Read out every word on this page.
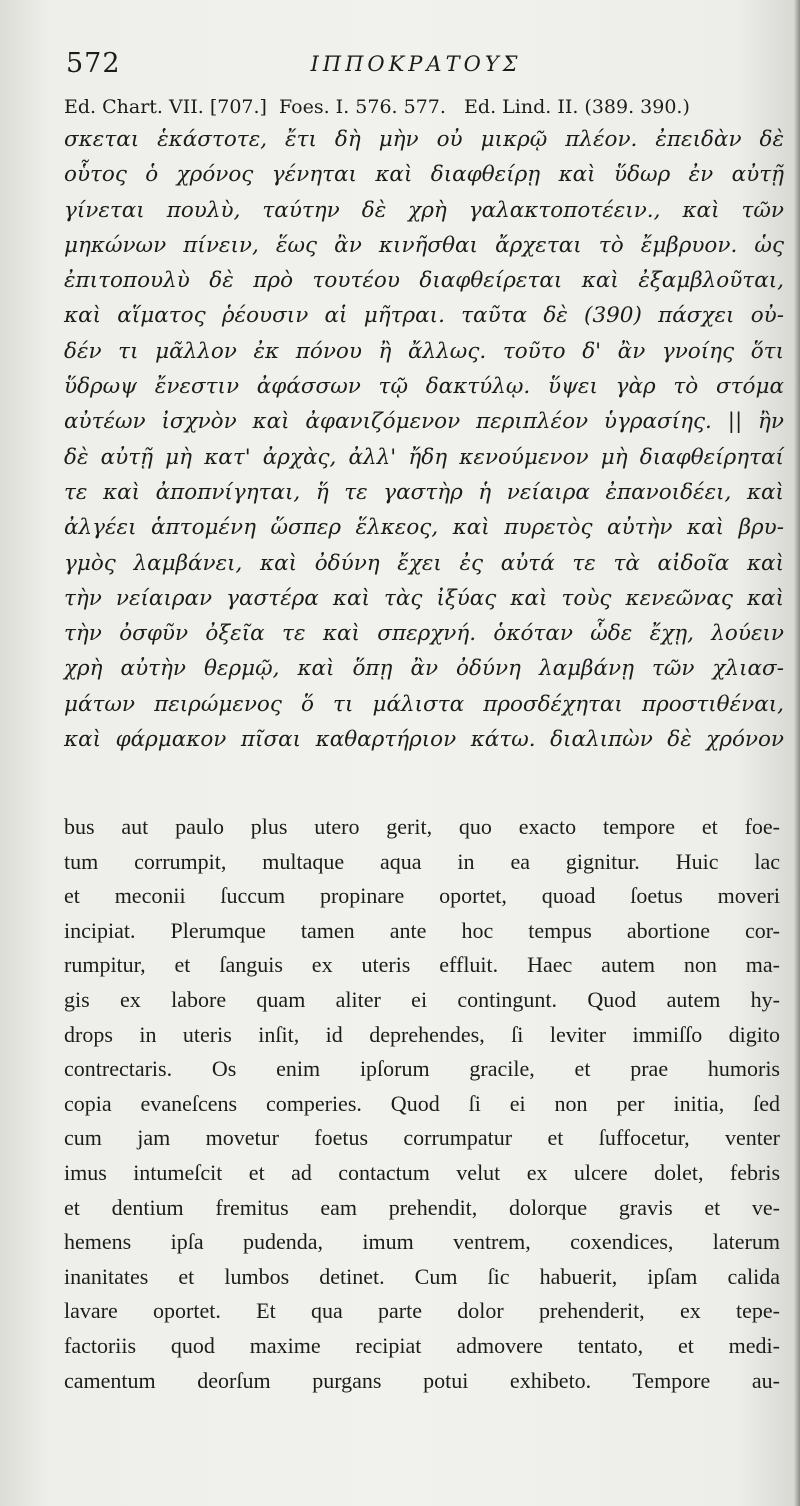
572	ΙΠΠΟΚΡΑΤΟΥΣ
Ed. Chart. VII. [707.]  Foes. I. 576. 577.   Ed. Lind. II. (389. 390.)
σκεται ἑκάστοτε, ἔτι δὴ μὴν οὐ μικρῷ πλέον. ἐπειδὰν δὲ
οὗτος ὁ χρόνος γένηται καὶ διαφθείρῃ καὶ ὕδωρ ἐν αὐτῇ
γίνεται πουλὺ, ταύτην δὲ χρὴ γαλακτοποτέειν., καὶ τῶν
μηκώνων πίνειν, ἕως ἂν κινῆσθαι ἄρχεται τὸ ἔμβρυον. ὡς
ἐπιτοπουλὺ δὲ πρὸ τουτέου διαφθείρεται καὶ ἐξαμβλοῦται,
καὶ αἵματος ῥέουσιν αἱ μῆτραι. ταῦτα δὲ (390) πάσχει οὐ-
δέν τι μᾶλλον ἐκ πόνου ἢ ἄλλως. τοῦτο δ' ἂν γνοίης ὅτι
ὕδρωψ ἔνεστιν ἀφάσσων τῷ δακτύλῳ. ὕψει γὰρ τὸ στόμα
αὐτέων ἰσχνὸν καὶ ἀφανιζόμενον περιπλέον ὑγρασίης. || ἢν
δὲ αὐτῇ μὴ κατ' ἀρχὰς, ἀλλ' ἤδη κενούμενον μὴ διαφθείρηταί
τε καὶ ἀποπνίγηται, ἥ τε γαστὴρ ἡ νείαιρα ἐπανοιδέει, καὶ
ἀλγέει ἁπτομένη ὥσπερ ἕλκεος, καὶ πυρετὸς αὐτὴν καὶ βρυ-
γμὸς λαμβάνει, καὶ ὀδύνη ἔχει ἐς αὐτά τε τὰ αἰδοῖα καὶ
τὴν νείαιραν γαστέρα καὶ τὰς ἰξύας καὶ τοὺς κενεῶνας καὶ
τὴν ὀσφῦν ὀξεῖα τε καὶ σπερχνή. ὁκόταν ὧδε ἔχῃ, λούειν
χρὴ αὐτὴν θερμῷ, καὶ ὅπῃ ἂν ὀδύνη λαμβάνῃ τῶν χλιασ-
μάτων πειρώμενος ὅ τι μάλιστα προσδέχηται προστιθέναι,
καὶ φάρμακον πῖσαι καθαρτήριον κάτω. διαλιπὼν δὲ χρόνον
bus aut paulo plus utero gerit, quo exacto tempore et foe-
tum corrumpit, multaque aqua in ea gignitur. Huic lac
et meconii ſuccum propinare oportet, quoad ſoetus moveri
incipiat. Plerumque tamen ante hoc tempus abortione cor-
rumpitur, et ſanguis ex uteris effluit. Haec autem non ma-
gis ex labore quam aliter ei contingunt. Quod autem hy-
drops in uteris inſit, id deprehendes, ſi leviter immiſſo digito
contrectaris. Os enim ipſorum gracile, et prae humoris
copia evaneſcens comperies. Quod ſi ei non per initia, ſed
cum jam movetur foetus corrumpatur et ſuffocetur, venter
imus intumeſcit et ad contactum velut ex ulcere dolet, febris
et dentium fremitus eam prehendit, dolorque gravis et ve-
hemens ipſa pudenda, imum ventrem, coxendices, laterum
inanitates et lumbos detinet. Cum ſic habuerit, ipſam calida
lavare oportet. Et qua parte dolor prehenderit, ex tepe-
factoriis quod maxime recipiat admovere tentato, et medi-
camentum deorſum purgans potui exhibeto. Tempore au-
